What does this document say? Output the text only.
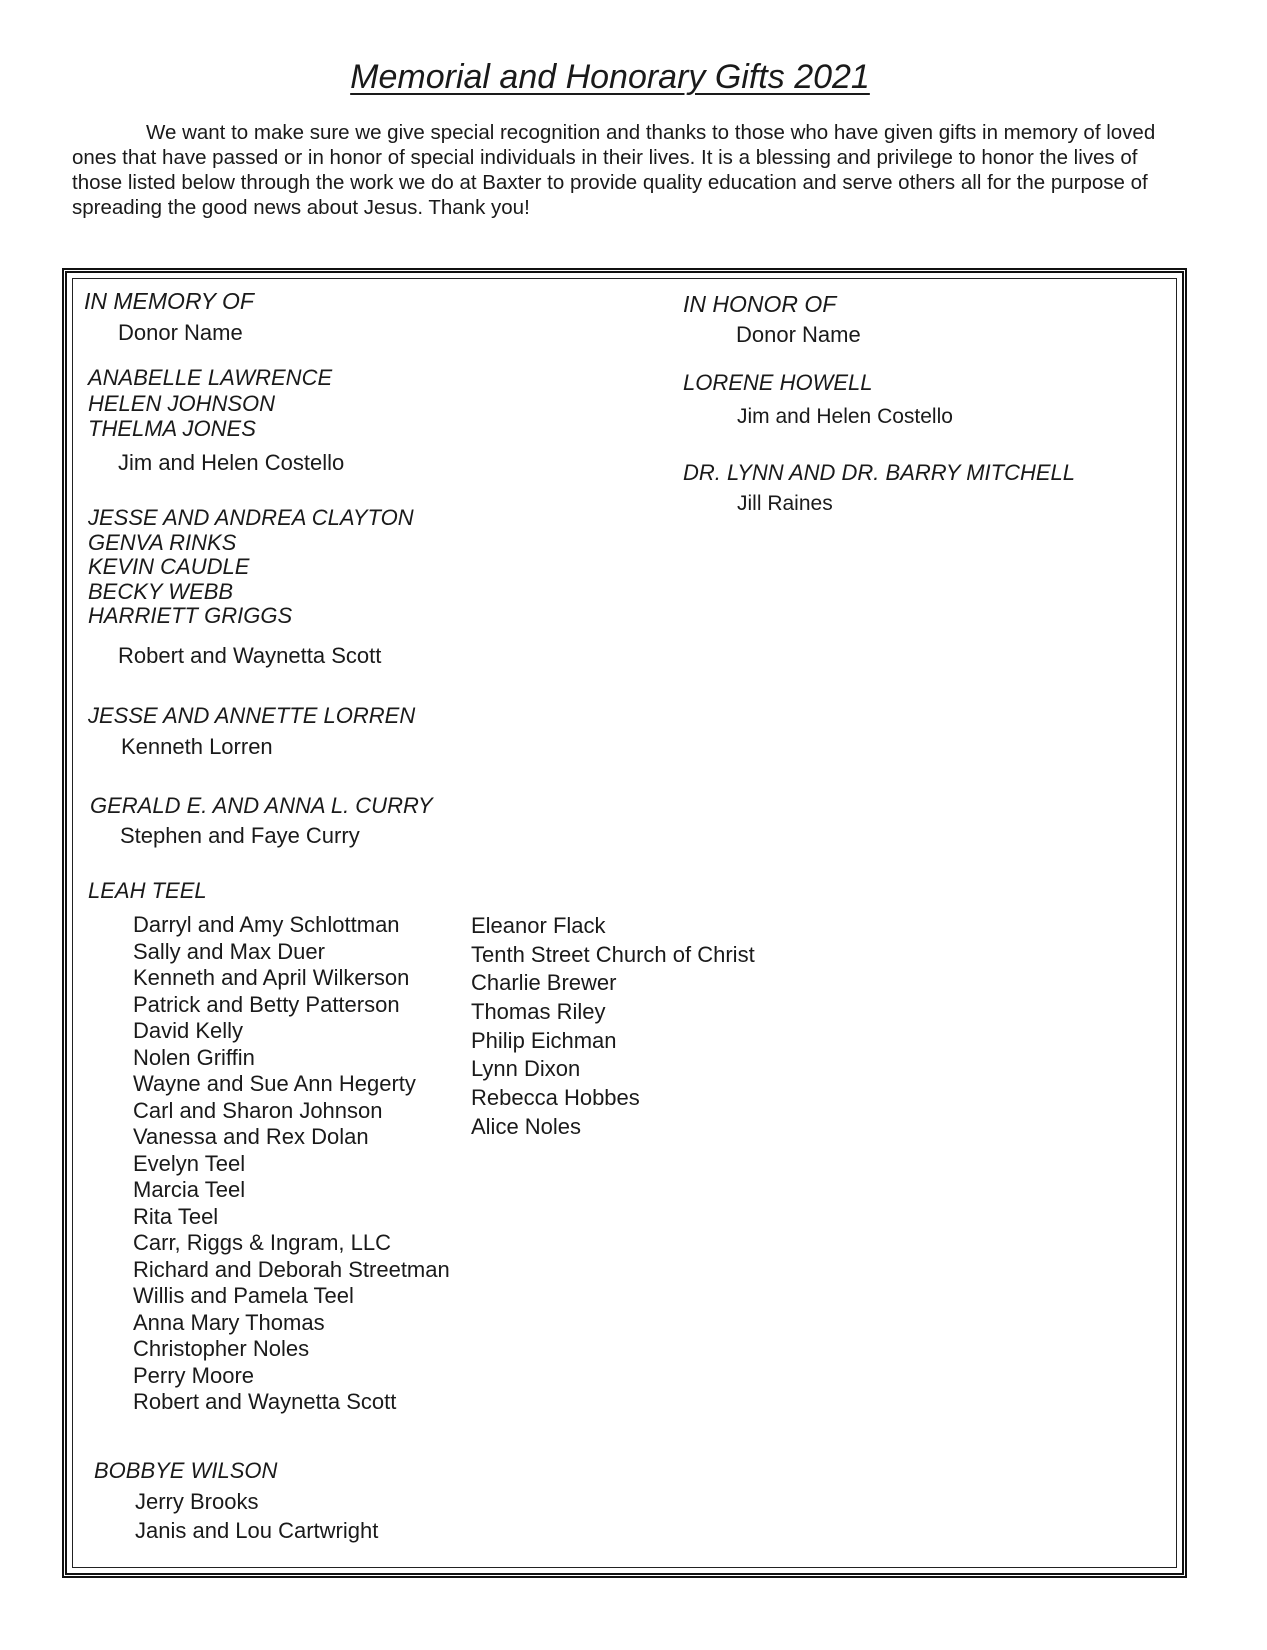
Memorial and Honorary Gifts 2021

We want to make sure we give special recognition and thanks to those who have given gifts in memory of loved ones that have passed or in honor of special individuals in their lives. It is a blessing and privilege to honor the lives of those listed below through the work we do at Baxter to provide quality education and serve others all for the purpose of spreading the good news about Jesus. Thank you!

IN MEMORY OF
Donor Name
ANABELLE LAWRENCE
HELEN JOHNSON
THELMA JONES
Jim and Helen Costello
JESSE AND ANDREA CLAYTON
GENVA RINKS
KEVIN CAUDLE
BECKY WEBB
HARRIETT GRIGGS
Robert and Waynetta Scott
JESSE AND ANNETTE LORREN
Kenneth Lorren
GERALD E. AND ANNA L. CURRY
Stephen and Faye Curry
LEAH TEEL
Darryl and Amy Schlottman
Sally and Max Duer
Kenneth and April Wilkerson
Patrick and Betty Patterson
David Kelly
Nolen Griffin
Wayne and Sue Ann Hegerty
Carl and Sharon Johnson
Vanessa and Rex Dolan
Evelyn Teel
Marcia Teel
Rita Teel
Carr, Riggs & Ingram, LLC
Richard and Deborah Streetman
Willis and Pamela Teel
Anna Mary Thomas
Christopher Noles
Perry Moore
Robert and Waynetta Scott
Eleanor Flack
Tenth Street Church of Christ
Charlie Brewer
Thomas Riley
Philip Eichman
Lynn Dixon
Rebecca Hobbes
Alice Noles
BOBBYE WILSON
Jerry Brooks
Janis and Lou Cartwright
IN HONOR OF
Donor Name
LORENE HOWELL
Jim and Helen Costello
DR. LYNN AND DR. BARRY MITCHELL
Jill Raines
